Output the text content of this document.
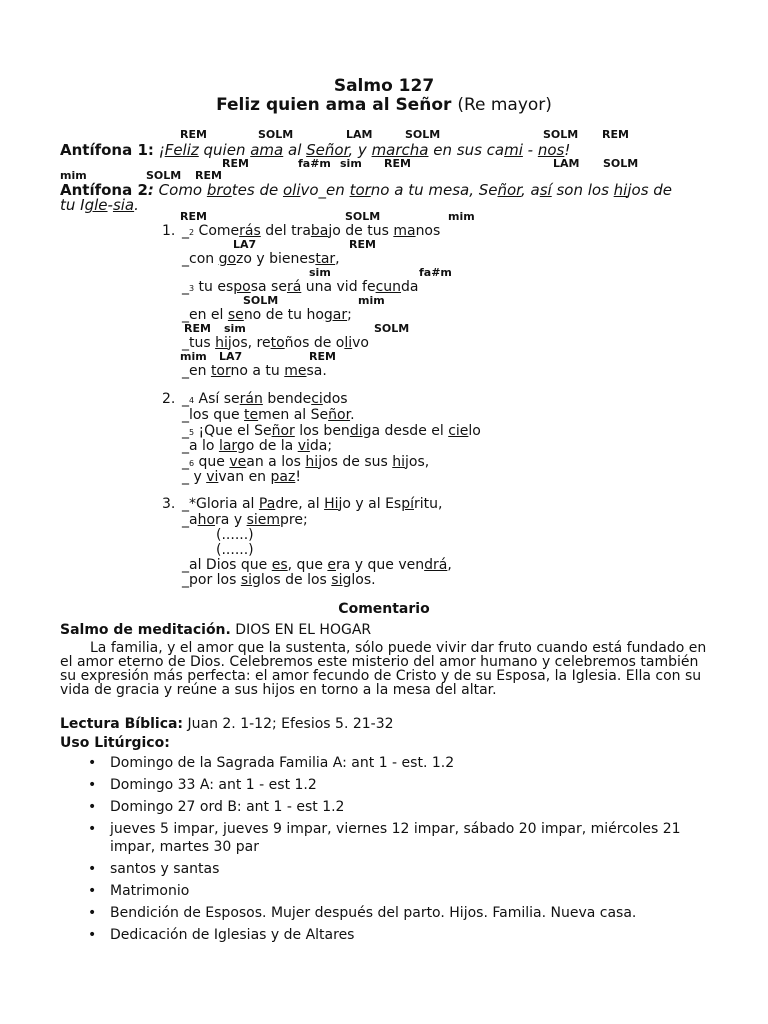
Salmo 127
Feliz quien ama al Señor (Re mayor)
REM	SOLM	LAM	SOLM	SOLM REM
Antífona 1: ¡Feliz quien ama al Señor, y marcha en sus cami - nos!
REM	fa#m sim REM	LAM SOLM
mim	SOLM REM
Antífona 2: Como brotes de olivo_en torno a tu mesa, Señor, así son los hijos de
tu Igle-sia.
REM	SOLM	mim
1. _2 Comerás del trabajo de tus manos
LA7	REM
_con gozo y bienestar,
sim	fa#m
_3 tu esposa será una vid fecunda
SOLM	mim
_en el seno de tu hogar;
REM sim	SOLM
_tus hijos, retoños de olivo
mim LA7	REM
_en torno a tu mesa.
2. _4 Así serán bendecidos
_los que temen al Señor.
_5 ¡Que el Señor los bendiga desde el cielo
_a lo largo de la vida;
_6 que vean a los hijos de sus hijos,
_ y vivan en paz!
3. _*Gloria al Padre, al Hijo y al Espíritu,
_ahora y siempre;
(......)
(......)
_al Dios que es, que era y que vendrá,
_por los siglos de los siglos.
Comentario
Salmo de meditación. DIOS EN EL HOGAR
La familia, y el amor que la sustenta, sólo puede vivir dar fruto cuando está fundado en el amor eterno de Dios. Celebremos este misterio del amor humano y celebremos también su expresión más perfecta: el amor fecundo de Cristo y de su Esposa, la Iglesia. Ella con su vida de gracia y reúne a sus hijos en torno a la mesa del altar.
Lectura Bíblica: Juan 2. 1-12; Efesios 5. 21-32
Uso Litúrgico:
• Domingo de la Sagrada Familia A: ant 1 - est. 1.2
• Domingo 33 A: ant 1 - est 1.2
• Domingo 27 ord B: ant 1 - est 1.2
• jueves 5 impar, jueves 9 impar, viernes 12 impar, sábado 20 impar, miércoles 21 impar, martes 30 par
• santos y santas
• Matrimonio
• Bendición de Esposos. Mujer después del parto. Hijos. Familia. Nueva casa.
• Dedicación de Iglesias y de Altares
